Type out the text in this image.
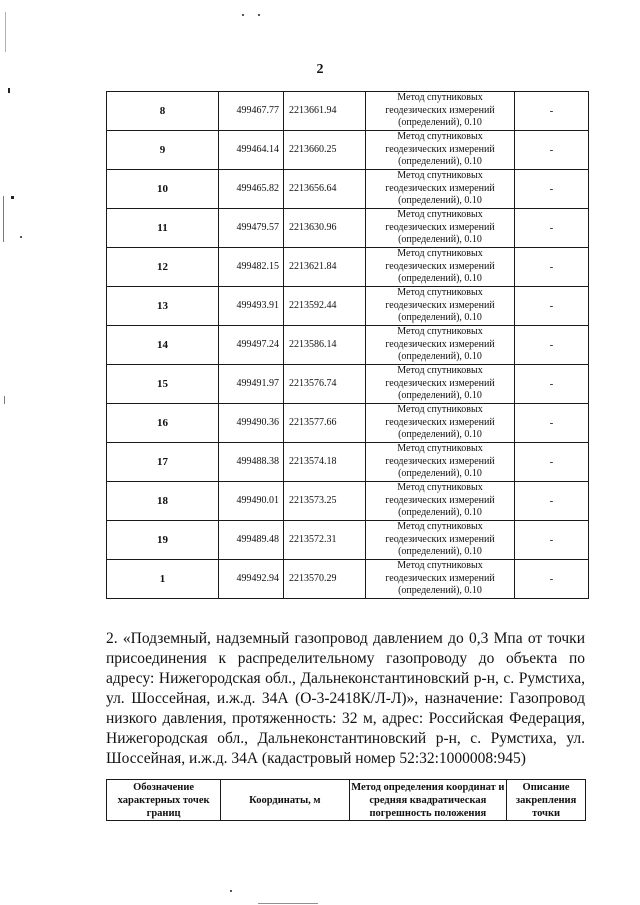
2
8	499467.77	2213661.94	Метод спутниковых геодезических измерений (определений), 0.10	-
9	499464.14	2213660.25	Метод спутниковых геодезических измерений (определений), 0.10	-
10	499465.82	2213656.64	Метод спутниковых геодезических измерений (определений), 0.10	-
11	499479.57	2213630.96	Метод спутниковых геодезических измерений (определений), 0.10	-
12	499482.15	2213621.84	Метод спутниковых геодезических измерений (определений), 0.10	-
13	499493.91	2213592.44	Метод спутниковых геодезических измерений (определений), 0.10	-
14	499497.24	2213586.14	Метод спутниковых геодезических измерений (определений), 0.10	-
15	499491.97	2213576.74	Метод спутниковых геодезических измерений (определений), 0.10	-
16	499490.36	2213577.66	Метод спутниковых геодезических измерений (определений), 0.10	-
17	499488.38	2213574.18	Метод спутниковых геодезических измерений (определений), 0.10	-
18	499490.01	2213573.25	Метод спутниковых геодезических измерений (определений), 0.10	-
19	499489.48	2213572.31	Метод спутниковых геодезических измерений (определений), 0.10	-
1	499492.94	2213570.29	Метод спутниковых геодезических измерений (определений), 0.10	-
2. «Подземный, надземный газопровод давлением до 0,3 Мпа от точки присоединения к распределительному газопроводу до объекта по адресу: Нижегородская обл., Дальнеконстантиновский р-н, с. Румстиха, ул. Шоссейная, и.ж.д. 34А (О-3-2418К/Л-Л)», назначение: Газопровод низкого давления, протяженность: 32 м, адрес: Российская Федерация, Нижегородская обл., Дальнеконстантиновский р-н, с. Румстиха, ул. Шоссейная, и.ж.д. 34А (кадастровый номер 52:32:1000008:945)
Обозначение характерных точек границ	Координаты, м	Метод определения координат и средняя квадратическая погрешность положения	Описание закрепления точки
